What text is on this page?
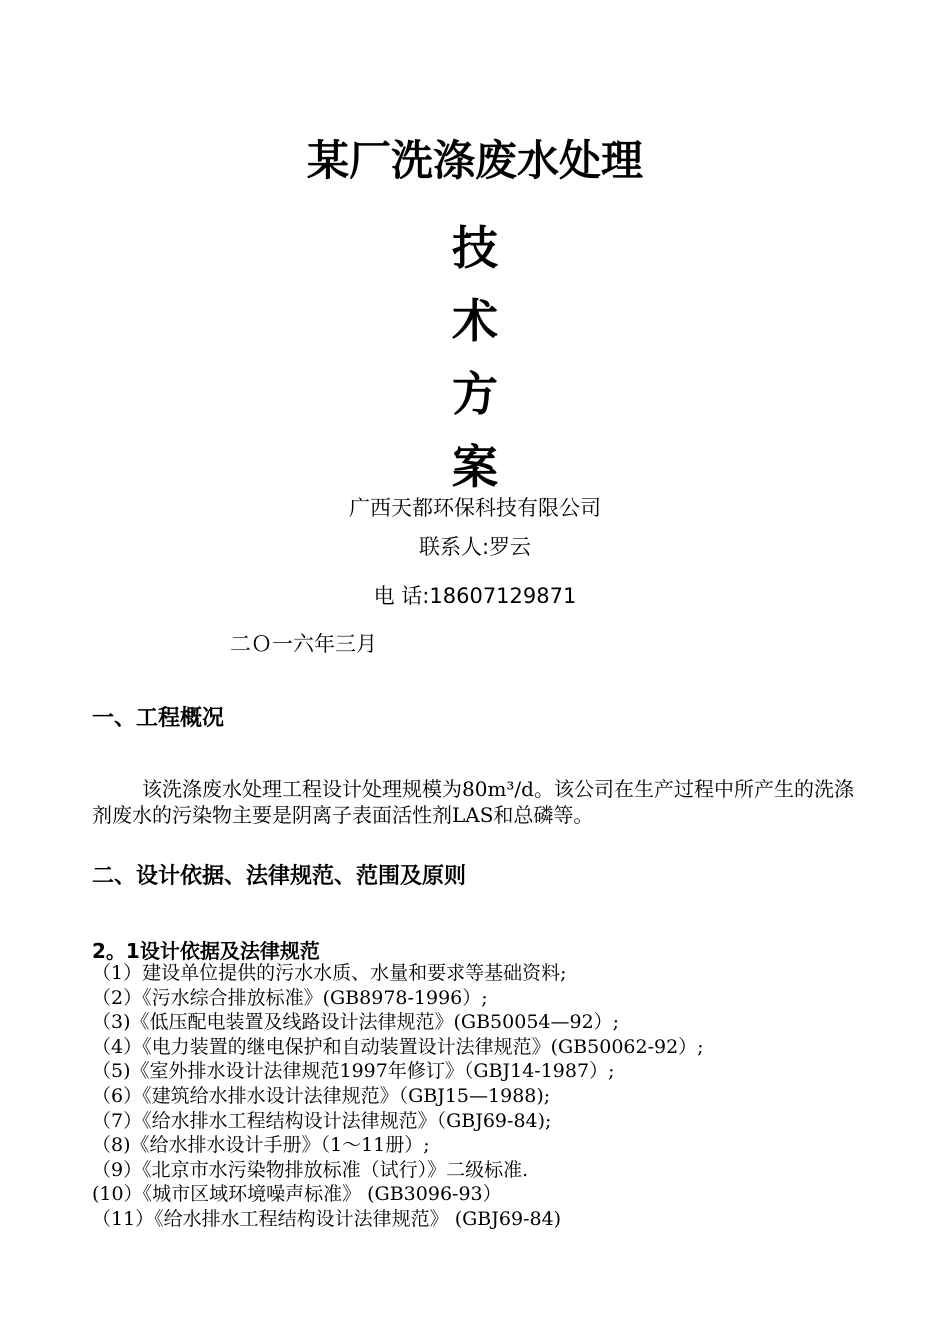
某厂洗涤废水处理
技
术
方
案
广西天都环保科技有限公司
联系人:罗云
电 话:18607129871
二Ｏ一六年三月
一、工程概况
该洗涤废水处理工程设计处理规模为80m³/d。该公司在生产过程中所产生的洗涤剂废水的污染物主要是阴离子表面活性剂LAS和总磷等。
二、设计依据、法律规范、范围及原则
2。1设计依据及法律规范
（1）建设单位提供的污水水质、水量和要求等基础资料;
（2）《污水综合排放标准》(GB8978-1996）;
（3)《低压配电装置及线路设计法律规范》(GB50054—92）;
（4）《电力装置的继电保护和自动装置设计法律规范》(GB50062-92）;
（5)《室外排水设计法律规范1997年修订》（GBJ14-1987）;
（6）《建筑给水排水设计法律规范》（GBJ15—1988);
（7）《给水排水工程结构设计法律规范》（GBJ69-84);
（8)《给水排水设计手册》（1～11册）;
（9）《北京市水污染物排放标准（试行）》二级标准.
(10）《城市区域环境噪声标准》 (GB3096-93）
（11）《给水排水工程结构设计法律规范》 (GBJ69-84)
